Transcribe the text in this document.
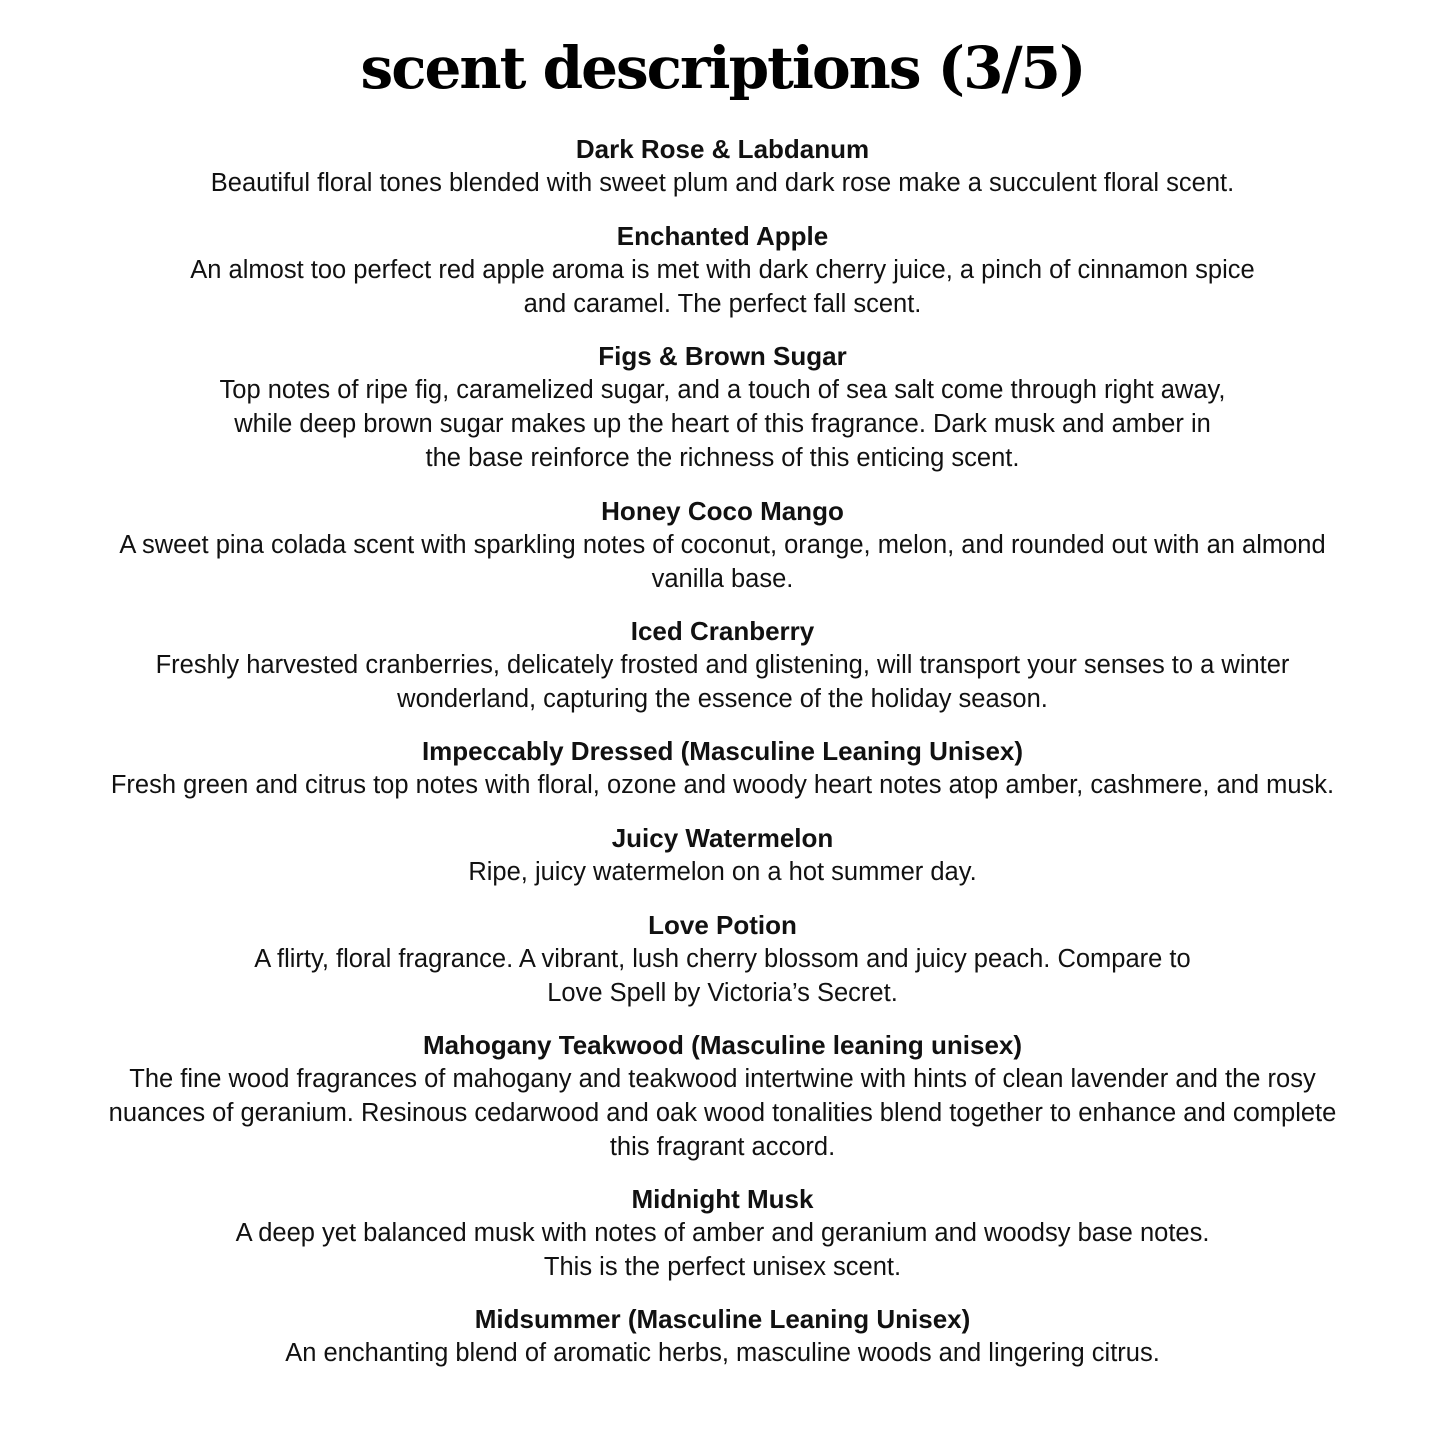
scent descriptions (3/5)
Dark Rose & Labdanum
Beautiful floral tones blended with sweet plum and dark rose make a succulent floral scent.
Enchanted Apple
An almost too perfect red apple aroma is met with dark cherry juice, a pinch of cinnamon spice
and caramel. The perfect fall scent.
Figs & Brown Sugar
Top notes of ripe fig, caramelized sugar, and a touch of sea salt come through right away,
while deep brown sugar makes up the heart of this fragrance. Dark musk and amber in
the base reinforce the richness of this enticing scent.
Honey Coco Mango
A sweet pina colada scent with sparkling notes of coconut, orange, melon, and rounded out with an almond
vanilla base.
Iced Cranberry
Freshly harvested cranberries, delicately frosted and glistening, will transport your senses to a winter
wonderland, capturing the essence of the holiday season.
Impeccably Dressed (Masculine Leaning Unisex)
Fresh green and citrus top notes with floral, ozone and woody heart notes atop amber, cashmere, and musk.
Juicy Watermelon
Ripe, juicy watermelon on a hot summer day.
Love Potion
A flirty, floral fragrance. A vibrant, lush cherry blossom and juicy peach. Compare to
Love Spell by Victoria’s Secret.
Mahogany Teakwood (Masculine leaning unisex)
The fine wood fragrances of mahogany and teakwood intertwine with hints of clean lavender and the rosy
nuances of geranium. Resinous cedarwood and oak wood tonalities blend together to enhance and complete
this fragrant accord.
Midnight Musk
A deep yet balanced musk with notes of amber and geranium and woodsy base notes.
This is the perfect unisex scent.
Midsummer (Masculine Leaning Unisex)
An enchanting blend of aromatic herbs, masculine woods and lingering citrus.
